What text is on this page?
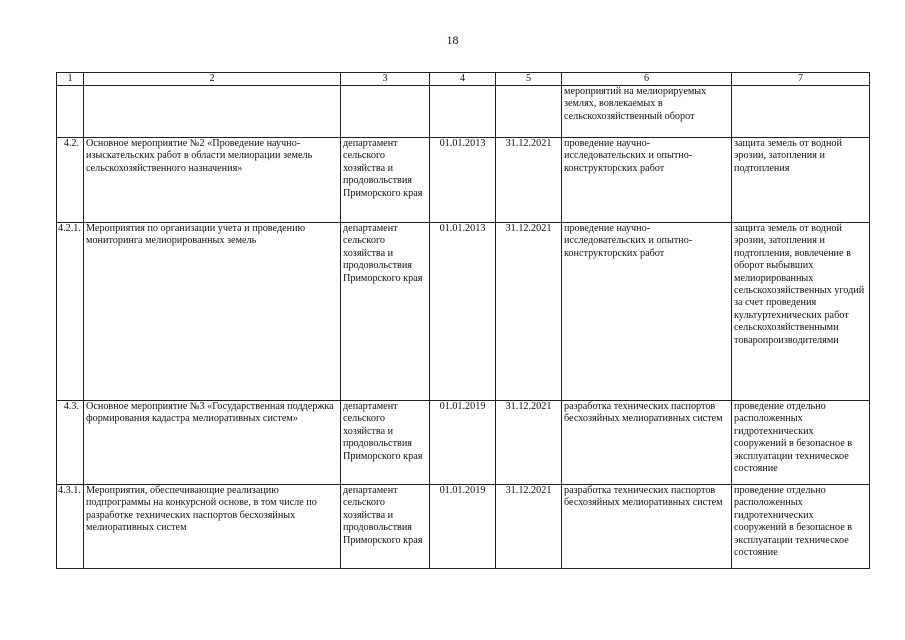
18
1	2	3	4	5	6	7
					мероприятий на мелиорируемых землях, вовлекаемых в сельскохозяйственный оборот	
4.2.	Основное мероприятие №2 «Проведение научно-изыскательских работ в области мелиорации земель сельскохозяйственного назначения»	департамент сельского хозяйства и продовольствия Приморского края	01.01.2013	31.12.2021	проведение научно-исследовательских и опытно-конструкторских работ	защита земель от водной эрозии, затопления и подтопления
4.2.1.	Мероприятия по организации учета и проведению мониторинга мелиорированных земель	департамент сельского хозяйства и продовольствия Приморского края	01.01.2013	31.12.2021	проведение научно-исследовательских и опытно-конструкторских работ	защита земель от водной эрозии, затопления и подтопления, вовлечение в оборот выбывших мелиорированных сельскохозяйственных угодий за счет проведения культуртехнических работ сельскохозяйственными товаропроизводителями
4.3.	Основное мероприятие №3 «Государственная поддержка формирования кадастра мелиоративных систем»	департамент сельского хозяйства и продовольствия Приморского края	01.01.2019	31.12.2021	разработка технических паспортов бесхозяйных мелиоративных систем	проведение отдельно расположенных гидротехнических сооружений в безопасное в эксплуатации техническое состояние
4.3.1.	Мероприятия, обеспечивающие реализацию подпрограммы на конкурсной основе, в том числе по разработке технических паспортов бесхозяйных мелиоративных систем	департамент сельского хозяйства и продовольствия Приморского края	01.01.2019	31.12.2021	разработка технических паспортов бесхозяйных мелиоративных систем	проведение отдельно расположенных гидротехнических сооружений в безопасное в эксплуатации техническое состояние
